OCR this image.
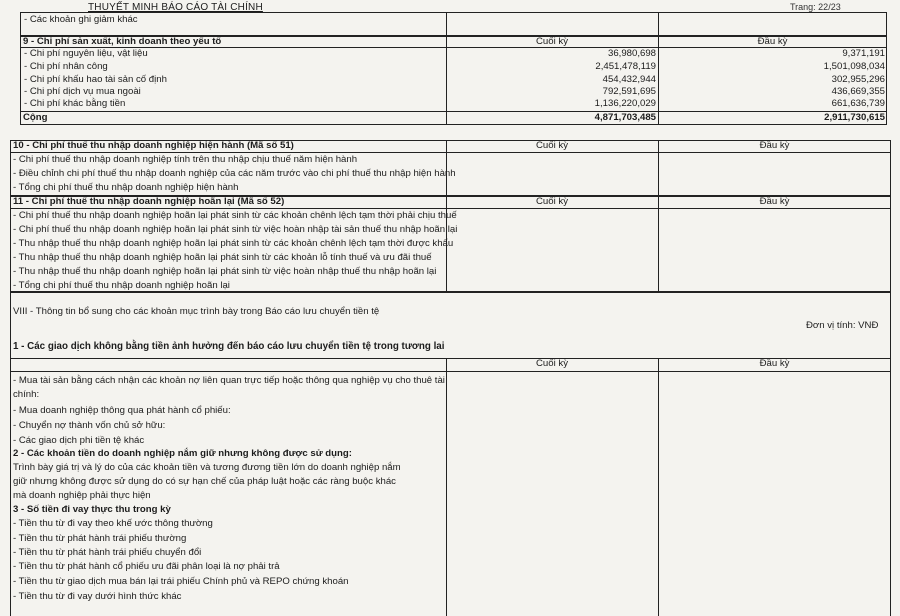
THUYẾT MINH BÁO CÁO TÀI CHÍNH	Trang: 22/23
- Các khoản ghi giảm khác
9 - Chi phí sản xuất, kinh doanh theo yếu tố	Cuối kỳ	Đầu kỳ
- Chi phí nguyên liệu, vật liệu	36,980,698	9,371,191
- Chi phí nhân công	2,451,478,119	1,501,098,034
- Chi phí khấu hao tài sản cố định	454,432,944	302,955,296
- Chi phí dịch vụ mua ngoài	792,591,695	436,669,355
- Chi phí khác bằng tiền	1,136,220,029	661,636,739
Cộng	4,871,703,485	2,911,730,615
10 - Chi phí thuế thu nhập doanh nghiệp hiện hành (Mã số 51)	Cuối kỳ	Đầu kỳ
- Chi phí thuế thu nhập doanh nghiệp tính trên thu nhập chịu thuế năm hiện hành
- Điều chỉnh chi phí thuế thu nhập doanh nghiệp của các năm trước vào chi phí thuế thu nhập hiện hành
- Tổng chi phí thuế thu nhập doanh nghiệp hiện hành
11 - Chi phí thuế thu nhập doanh nghiệp hoãn lại (Mã số 52)	Cuối kỳ	Đầu kỳ
- Chi phí thuế thu nhập doanh nghiệp hoãn lại phát sinh từ các khoản chênh lệch tạm thời phải chịu thuế
- Chi phí thuế thu nhập doanh nghiệp hoãn lại phát sinh từ việc hoàn nhập tài sản thuế thu nhập hoãn lại
- Thu nhập thuế thu nhập doanh nghiệp hoãn lại phát sinh từ các khoản chênh lệch tạm thời được khấu
- Thu nhập thuế thu nhập doanh nghiệp hoãn lại phát sinh từ các khoản lỗ tính thuế và ưu đãi thuế
- Thu nhập thuế thu nhập doanh nghiệp hoãn lại phát sinh từ việc hoàn nhập thuế thu nhập hoãn lại
- Tổng chi phí thuế thu nhập doanh nghiệp hoãn lại
VIII - Thông tin bổ sung cho các khoản mục trình bày trong Báo cáo lưu chuyển tiền tệ
Đơn vị tính: VNĐ
1 - Các giao dịch không bằng tiền ảnh hưởng đến báo cáo lưu chuyển tiền tệ trong tương lai
Cuối kỳ	Đầu kỳ
- Mua tài sản bằng cách nhận các khoản nợ liên quan trực tiếp hoặc thông qua nghiệp vụ cho thuê tài
chính:
- Mua doanh nghiệp thông qua phát hành cổ phiếu:
- Chuyển nợ thành vốn chủ sở hữu:
- Các giao dịch phi tiền tệ khác
2 - Các khoản tiền do doanh nghiệp nắm giữ nhưng không được sử dụng:
Trình bày giá trị và lý do của các khoản tiền và tương đương tiền lớn do doanh nghiệp nắm
giữ nhưng không được sử dụng do có sự hạn chế của pháp luật hoặc các ràng buộc khác
mà doanh nghiệp phải thực hiện
3 - Số tiền đi vay thực thu trong kỳ
- Tiền thu từ đi vay theo khế ước thông thường
- Tiền thu từ phát hành trái phiếu thường
- Tiền thu từ phát hành trái phiếu chuyển đổi
- Tiền thu từ phát hành cổ phiếu ưu đãi phân loại là nợ phải trả
- Tiền thu từ giao dịch mua bán lại trái phiếu Chính phủ và REPO chứng khoán
- Tiền thu từ đi vay dưới hình thức khác
